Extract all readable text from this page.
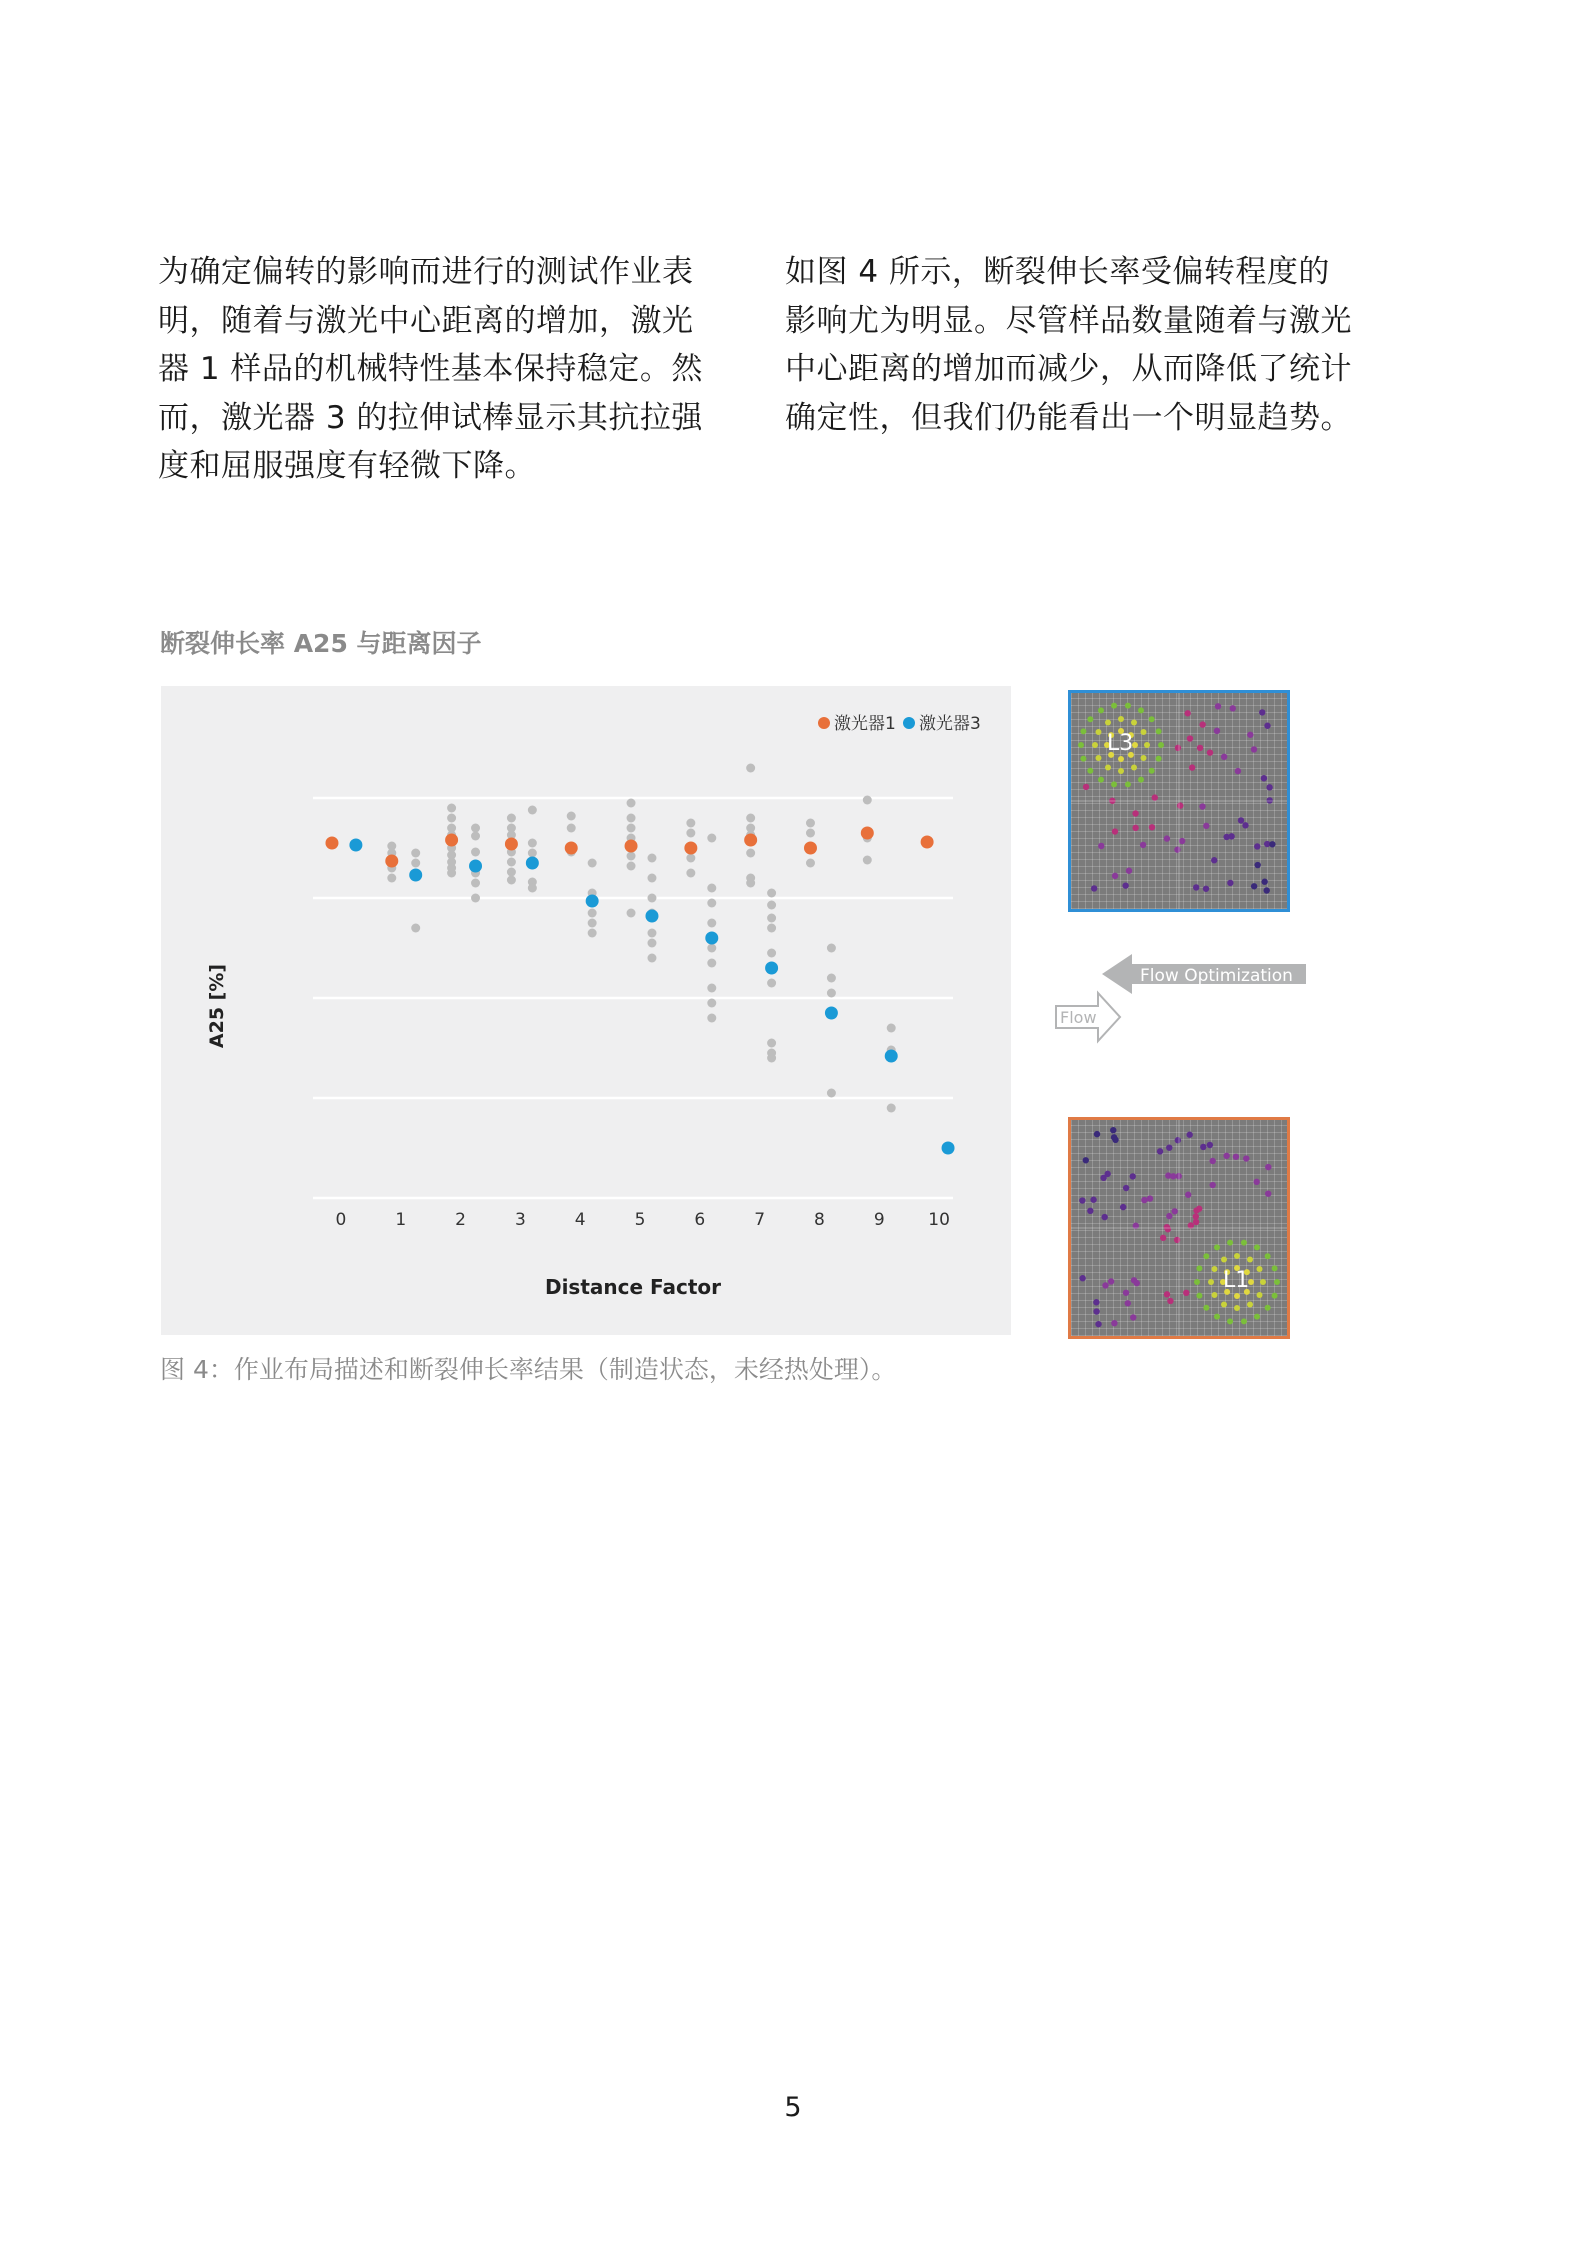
为确定偏转的影响而进行的测试作业表明，随着与激光中心距离的增加，激光器 1 样品的机械特性基本保持稳定。然而，激光器 3 的拉伸试棒显示其抗拉强度和屈服强度有轻微下降。

如图 4 所示，断裂伸长率受偏转程度的影响尤为明显。尽管样品数量随着与激光中心距离的增加而减少，从而降低了统计确定性，但我们仍能看出一个明显趋势。

断裂伸长率 A25 与距离因子
0	1	2	3	4	5	6	7	8	9	10
Distance Factor
A25 [%]
激光器1 激光器3
图 4：作业布局描述和断裂伸长率结果（制造状态，未经热处理）。
L3
Flow Optimization
Flow
L1
5
